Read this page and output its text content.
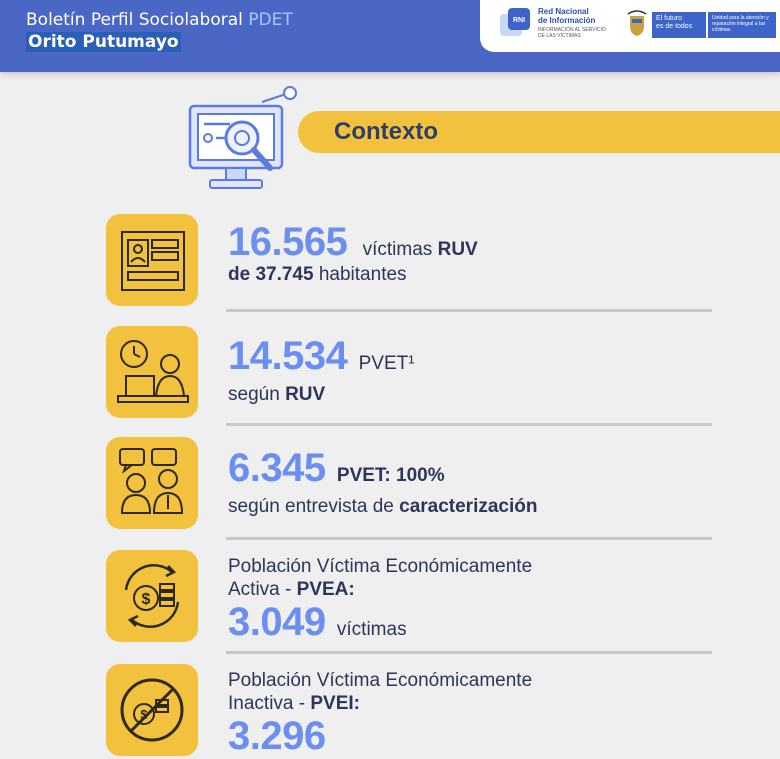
Boletín Perfil Sociolaboral PDET
Orito Putumayo
RNI
Red Nacional
de Información
INFORMACIÓN AL SERVICIO DE LAS VÍCTIMAS
El futuro
es de todos
Unidad para la atención y reparación integral a las víctimas
Contexto
16.565 víctimas RUV
de 37.745 habitantes
14.534 PVET¹
según RUV
6.345 PVET: 100%
según entrevista de caracterización
$
Población Víctima Económicamente
Activa - PVEA:
3.049 víctimas
$
Población Víctima Económicamente
Inactiva - PVEI:
3.296
